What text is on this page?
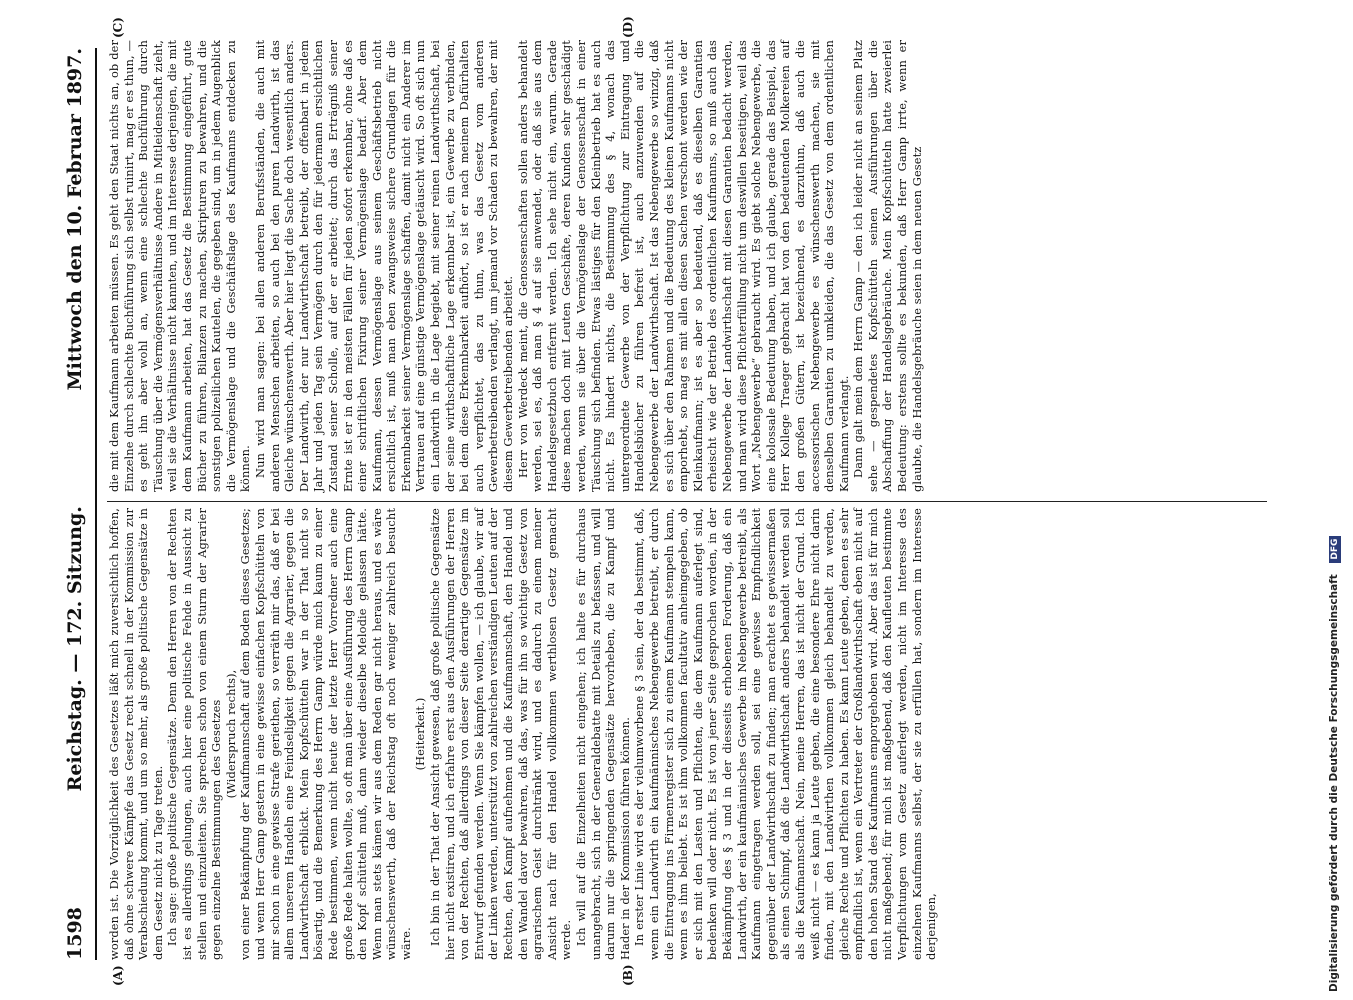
1598
Reichstag. — 172. Sitzung.
Mittwoch den 10. Februar 1897.
(A)	(B)
(C)	(D)

worden ist. Die Vorzüglichkeit des Gesetzes läßt mich zuversichtlich hoffen, daß ohne schwere Kämpfe das Gesetz recht schnell in der Kommission zur Verabschiedung kommt, und um so mehr, als große politische Gegensätze in dem Gesetz nicht zu Tage treten. Ich sage: große politische Gegensätze. Denn den Herren von der Rechten ist es allerdings gelungen, auch hier eine politische Fehde in Aussicht zu stellen und einzuleiten. Sie sprechen schon von einem Sturm der Agrarier gegen einzelne Bestimmungen des Gesetzes (Widerspruch rechts), von einer Bekämpfung der Kaufmannschaft auf dem Boden dieses Gesetzes; und wenn Herr Gamp gestern in eine gewisse einfachen Kopfschütteln von mir schon in eine gewisse Strafe geriethen, so verräth mir das, daß er bei allem unserem Handeln eine Feindseligkeit gegen die Agrarier, gegen die Landwirthschaft erblickt. Mein Kopfschütteln war in der That nicht so bösartig, und die Bemerkung des Herrn Gamp würde mich kaum zu einer Rede bestimmen, wenn nicht heute der letzte Herr Vorredner auch eine große Rede halten wollte, so oft man über eine Ausführung des Herrn Gamp den Kopf schütteln muß, dann wieder dieselbe Melodie gelassen hätte. Wenn man stets kämen wir aus dem Reden gar nicht heraus, und es wäre wünschenswerth, daß der Reichstag oft noch weniger zahlreich besucht wäre.

(Heiterkeit.) Ich bin in der That der Ansicht gewesen, daß große politische Gegensätze hier nicht existiren, und ich erfahre erst aus den Ausführungen der Herren von der Rechten, daß allerdings von dieser Seite derartige Gegensätze im Entwurf gefunden werden. Wenn Sie kämpfen wollen, — ich glaube, wir auf der Linken werden, unterstützt von zahlreichen verständigen Leuten auf der Rechten, den Kampf aufnehmen und die Kaufmannschaft, den Handel und den Wandel davor bewahren, daß das, was für ihn so wichtige Gesetz von agrarischem Geist durchtränkt wird, und es dadurch zu einem meiner Ansicht nach für den Handel vollkommen werthlosen Gesetz gemacht werde. Ich will auf die Einzelheiten nicht eingehen; ich halte es für durchaus unangebracht, sich in der Generaldebatte mit Details zu befassen, und will darum nur die springenden Gegensätze hervorheben, die zu Kampf und Hader in der Kommission führen können. In erster Linie wird es der vielumworbene § 3 sein, der da bestimmt, daß, wenn ein Landwirth ein kaufmännisches Nebengewerbe betreibt, er durch die Eintragung ins Firmenregister sich zu einem Kaufmann stempeln kann, wenn es ihm beliebt. Es ist ihm vollkommen facultativ anheimgegeben, ob er sich mit den Lasten und Pflichten, die dem Kaufmann auferlegt sind, bedenken will oder nicht. Es ist von jener Seite gesprochen worden, in der Bekämpfung des § 3 und in der diesseits erhobenen Forderung, daß ein Landwirth, der ein kaufmännisches Gewerbe im Nebengewerbe betreibt, als Kaufmann eingetragen werden soll, sei eine gewisse Empfindlichkeit gegenüber der Landwirthschaft zu finden; man erachtet es gewissermaßen als einen Schimpf, daß die Landwirthschaft anders behandelt werden soll als die Kaufmannschaft. Nein, meine Herren, das ist nicht der Grund. Ich weiß nicht — es kann ja Leute geben, die eine besondere Ehre nicht darin finden, mit den Landwirthen vollkommen gleich behandelt zu werden, gleiche Rechte und Pflichten zu haben. Es kann Leute geben, denen es sehr empfindlich ist, wenn ein Vertreter der Großlandwirthschaft eben nicht auf den hohen Stand des Kaufmanns emporgehoben wird. Aber das ist für mich nicht maßgebend; für mich ist maßgebend, daß den Kaufleuten bestimmte Verpflichtungen vom Gesetz auferlegt werden, nicht im Interesse des einzelnen Kaufmanns selbst, der sie zu erfüllen hat, sondern im Interesse derjenigen,

die mit dem Kaufmann arbeiten müssen. Es geht den Staat nichts an, ob der Einzelne durch schlechte Buchführung sich selbst ruinirt, mag er es thun, — es geht ihn aber wohl an, wenn eine schlechte Buchführung durch Täuschung über die Vermögensverhältnisse Andere in Mitleidenschaft zieht, weil sie die Verhältnisse nicht kannten, und im Interesse derjenigen, die mit dem Kaufmann arbeiten, hat das Gesetz die Bestimmung eingeführt, gute Bücher zu führen, Bilanzen zu machen, Skripturen zu bewahren, und die sonstigen polizeilichen Kautelen, die gegeben sind, um in jedem Augenblick die Vermögenslage und die Geschäftslage des Kaufmanns entdecken zu können. Nun wird man sagen: bei allen anderen Berufsständen, die auch mit anderen Menschen arbeiten, so auch bei den puren Landwirth, ist das Gleiche wünschenswerth. Aber hier liegt die Sache doch wesentlich anders. Der Landwirth, der nur Landwirthschaft betreibt, der offenbart in jedem Jahr und jeden Tag sein Vermögen durch den für jedermann ersichtlichen Zustand seiner Scholle, auf der er arbeitet; durch das Erträgniß seiner Ernte ist er in den meisten Fällen für jeden sofort erkennbar, ohne daß es einer schriftlichen Fixirung seiner Vermögenslage bedarf. Aber dem Kaufmann, dessen Vermögenslage aus seinem Geschäftsbetrieb nicht ersichtlich ist, muß man eben zwangsweise sichere Grundlagen für die Erkennbarkeit seiner Vermögenslage schaffen, damit nicht ein Anderer im Vertrauen auf eine günstige Vermögenslage getäuscht wird. So oft sich nun ein Landwirth in die Lage begiebt, mit seiner reinen Landwirthschaft, bei der seine wirthschaftliche Lage erkennbar ist, ein Gewerbe zu verbinden, bei dem diese Erkennbarkeit aufhört, so ist er nach meinem Dafürhalten auch verpflichtet, das zu thun, was das Gesetz vom anderen Gewerbetreibenden verlangt, um jemand vor Schaden zu bewahren, der mit diesem Gewerbetreibenden arbeitet. Herr von Werdeck meint, die Genossenschaften sollen anders behandelt werden, sei es, daß man § 4 auf sie anwendet, oder daß sie aus dem Handelsgesetzbuch entfernt werden. Ich sehe nicht ein, warum. Gerade diese machen doch mit Leuten Geschäfte, deren Kunden sehr geschädigt werden, wenn sie über die Vermögenslage der Genossenschaft in einer Täuschung sich befinden. Etwas lästiges für den Kleinbetrieb hat es auch nicht. Es hindert nichts, die Bestimmung des § 4, wonach das untergeordnete Gewerbe von der Verpflichtung zur Eintragung und Handelsbücher zu führen befreit ist, auch anzuwenden auf die Nebengewerbe der Landwirthschaft. Ist das Nebengewerbe so winzig, daß es sich über den Rahmen und die Bedeutung des kleinen Kaufmanns nicht emporhebt, so mag es mit allen diesen Sachen verschont werden wie der Kleinkaufmann; ist es aber so bedeutend, daß es dieselben Garantien erheischt wie der Betrieb des ordentlichen Kaufmanns, so muß auch das Nebengewerbe der Landwirthschaft mit diesen Garantien bedacht werden, und man wird diese Pflichterfüllung nicht um deswillen beseitigen, weil das Wort „Nebengewerbe“ gebraucht wird. Es giebt solche Nebengewerbe, die eine kolossale Bedeutung haben, und ich glaube, gerade das Beispiel, das Herr Kollege Traeger gebracht hat von den bedeutenden Molkereien auf den großen Gütern, ist bezeichnend, es darzuthun, daß auch die accessorischen Nebengewerbe es wünschenswerth machen, sie mit denselben Garantien zu umkleiden, die das Gesetz von dem ordentlichen Kaufmann verlangt. Dann galt mein dem Herrn Gamp — den ich leider nicht an seinem Platz sehe — gespendetes Kopfschütteln seinen Ausführungen über die Abschaffung der Handelsgebräuche. Mein Kopfschütteln hatte zweierlei Bedeutung: erstens sollte es bekunden, daß Herr Gamp irrte, wenn er glaubte, die Handelsgebräuche seien in dem neuen Gesetz

Digitalisierung gefördert durch die Deutsche Forschungsgemeinschaft DFG
